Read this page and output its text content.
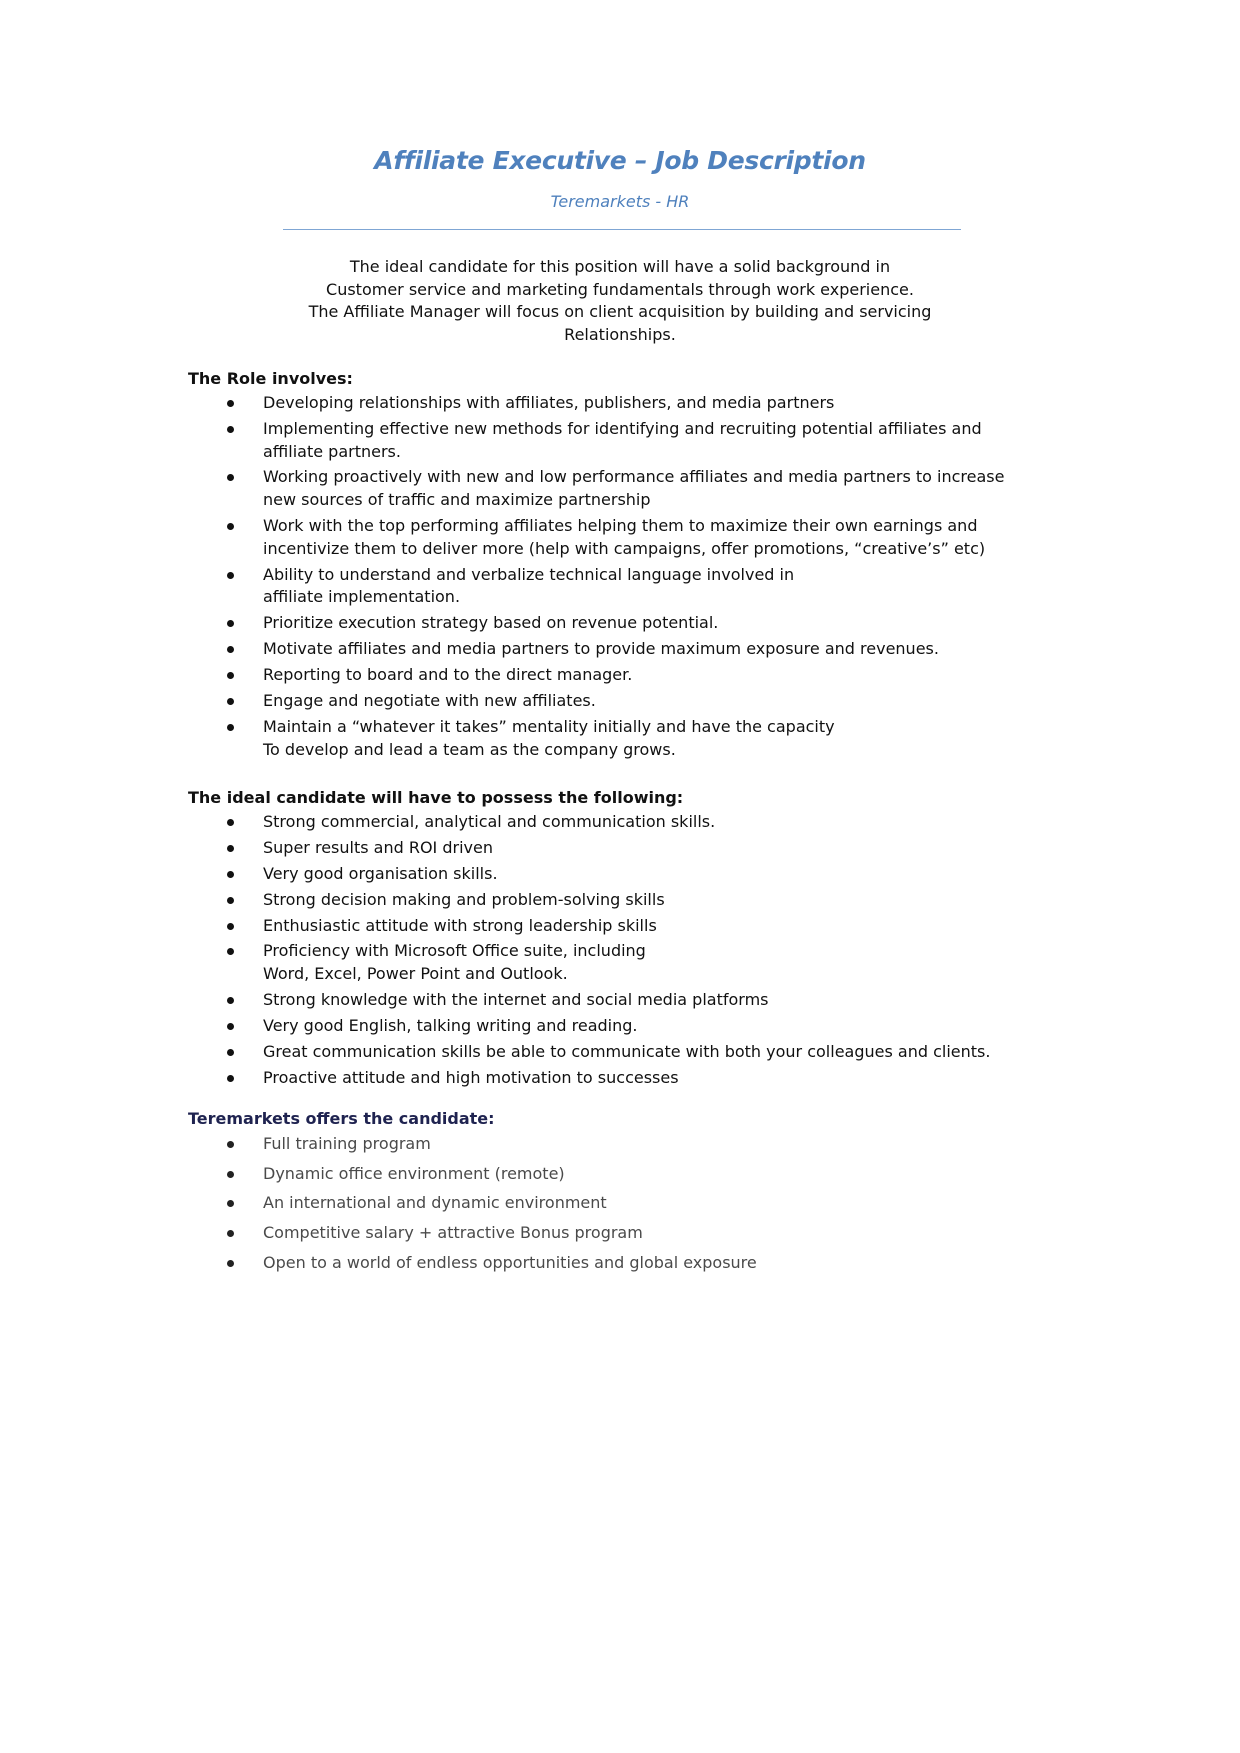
Affiliate Executive – Job Description
Teremarkets - HR
The ideal candidate for this position will have a solid background in
Customer service and marketing fundamentals through work experience.
The Affiliate Manager will focus on client acquisition by building and servicing
Relationships.
The Role involves:
Developing relationships with affiliates, publishers, and media partners
Implementing effective new methods for identifying and recruiting potential affiliates and
affiliate partners.
Working proactively with new and low performance affiliates and media partners to increase
new sources of traffic and maximize partnership
Work with the top performing affiliates helping them to maximize their own earnings and
incentivize them to deliver more (help with campaigns, offer promotions, “creative’s” etc)
Ability to understand and verbalize technical language involved in
affiliate implementation.
Prioritize execution strategy based on revenue potential.
Motivate affiliates and media partners to provide maximum exposure and revenues.
Reporting to board and to the direct manager.
Engage and negotiate with new affiliates.
Maintain a “whatever it takes” mentality initially and have the capacity
To develop and lead a team as the company grows.
The ideal candidate will have to possess the following:
Strong commercial, analytical and communication skills.
Super results and ROI driven
Very good organisation skills.
Strong decision making and problem-solving skills
Enthusiastic attitude with strong leadership skills
Proficiency with Microsoft Office suite, including
Word, Excel, Power Point and Outlook.
Strong knowledge with the internet and social media platforms
Very good English, talking writing and reading.
Great communication skills be able to communicate with both your colleagues and clients.
Proactive attitude and high motivation to successes
Teremarkets offers the candidate:
Full training program
Dynamic office environment (remote)
An international and dynamic environment
Competitive salary + attractive Bonus program
Open to a world of endless opportunities and global exposure
